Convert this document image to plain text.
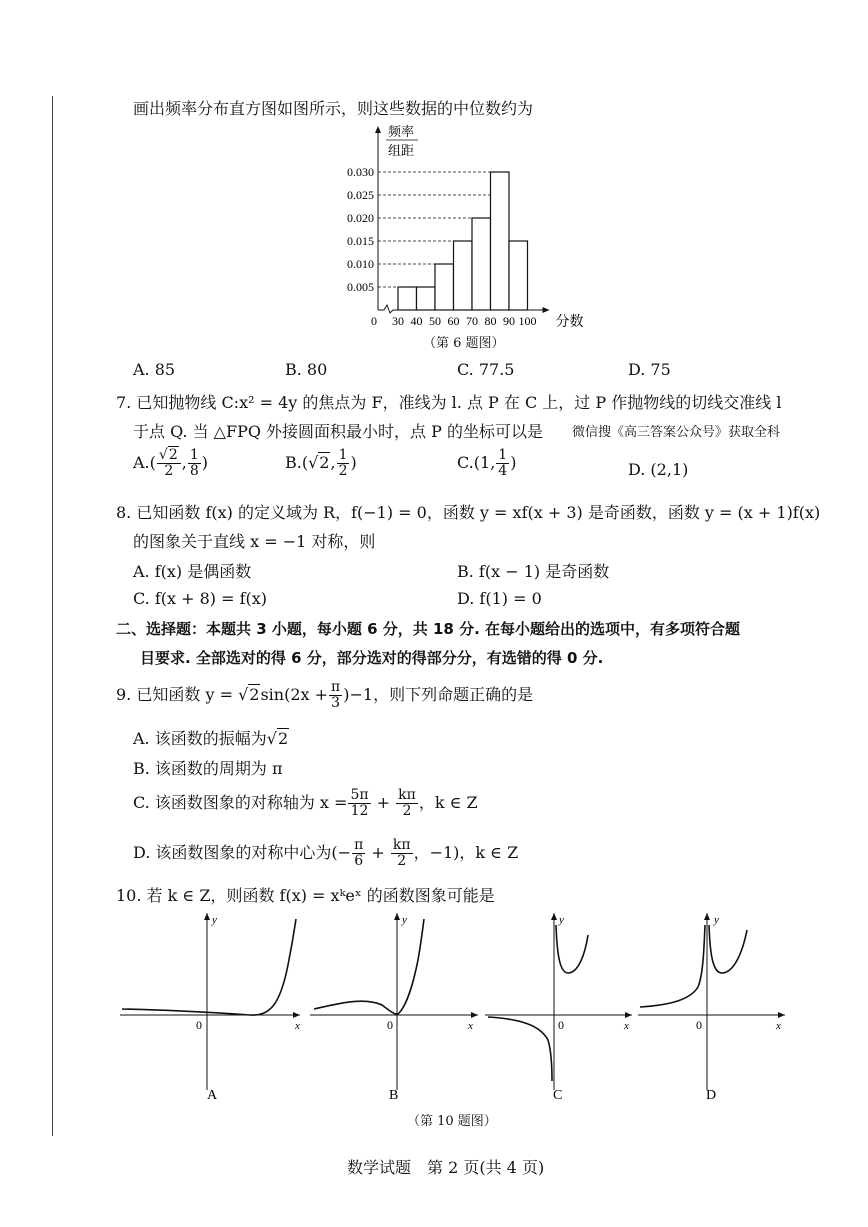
画出频率分布直方图如图所示，则这些数据的中位数约为
频率
组距
0.005
0.010
0.015
0.020
0.025
0.030
0 30 40 50 60 70 80 90 100 分数
（第 6 题图）
A. 85	B. 80	C. 77.5	D. 75
7. 已知抛物线 C:x² = 4y 的焦点为 F，准线为 l. 点 P 在 C 上，过 P 作抛物线的切线交准线 l
于点 Q. 当 △FPQ 外接圆面积最小时，点 P 的坐标可以是 微信搜《高三答案公众号》获取全科
$A.( \frac{√2}{2}$ , $\frac{1}{8}$ )	B.(√2, $\frac{1}{2}$ )	C.(1, $\frac{1}{4}$ )	D. (2,1)
8. 已知函数 f(x) 的定义域为 R，f(−1) = 0，函数 y = xf(x + 3) 是奇函数，函数 y = (x + 1)f(x)
的图象关于直线 x = −1 对称，则
A. f(x) 是偶函数	B. f(x − 1) 是奇函数
C. f(x + 8) = f(x)	D. f(1) = 0
二、选择题：本题共 3 小题，每小题 6 分，共 18 分. 在每小题给出的选项中，有多项符合题
目要求. 全部选对的得 6 分，部分选对的得部分分，有选错的得 0 分.
9. 已知函数 $y = √2\sin(2x + \frac{\pi}{3} )-1$，则下列命题正确的是
A. 该函数的振幅为√2
B. 该函数的周期为 π
C. 该函数图象的对称轴为 $x = \frac{5\pi}{12} + \frac{k\pi}{2}$ ，k ∈ Z
D. 该函数图象的对称中心为(− $\frac{\pi}{6} + \frac{k\pi}{2}$ ，−1)，k ∈ Z
10. 若 k ∈ Z，则函数 f(x) = xᵏeˣ 的函数图象可能是
x
y
0
A
x
y
0
B
x
y
0
C
x
y
0
D
（第 10 题图）
数学试题　第 2 页(共 4 页)
